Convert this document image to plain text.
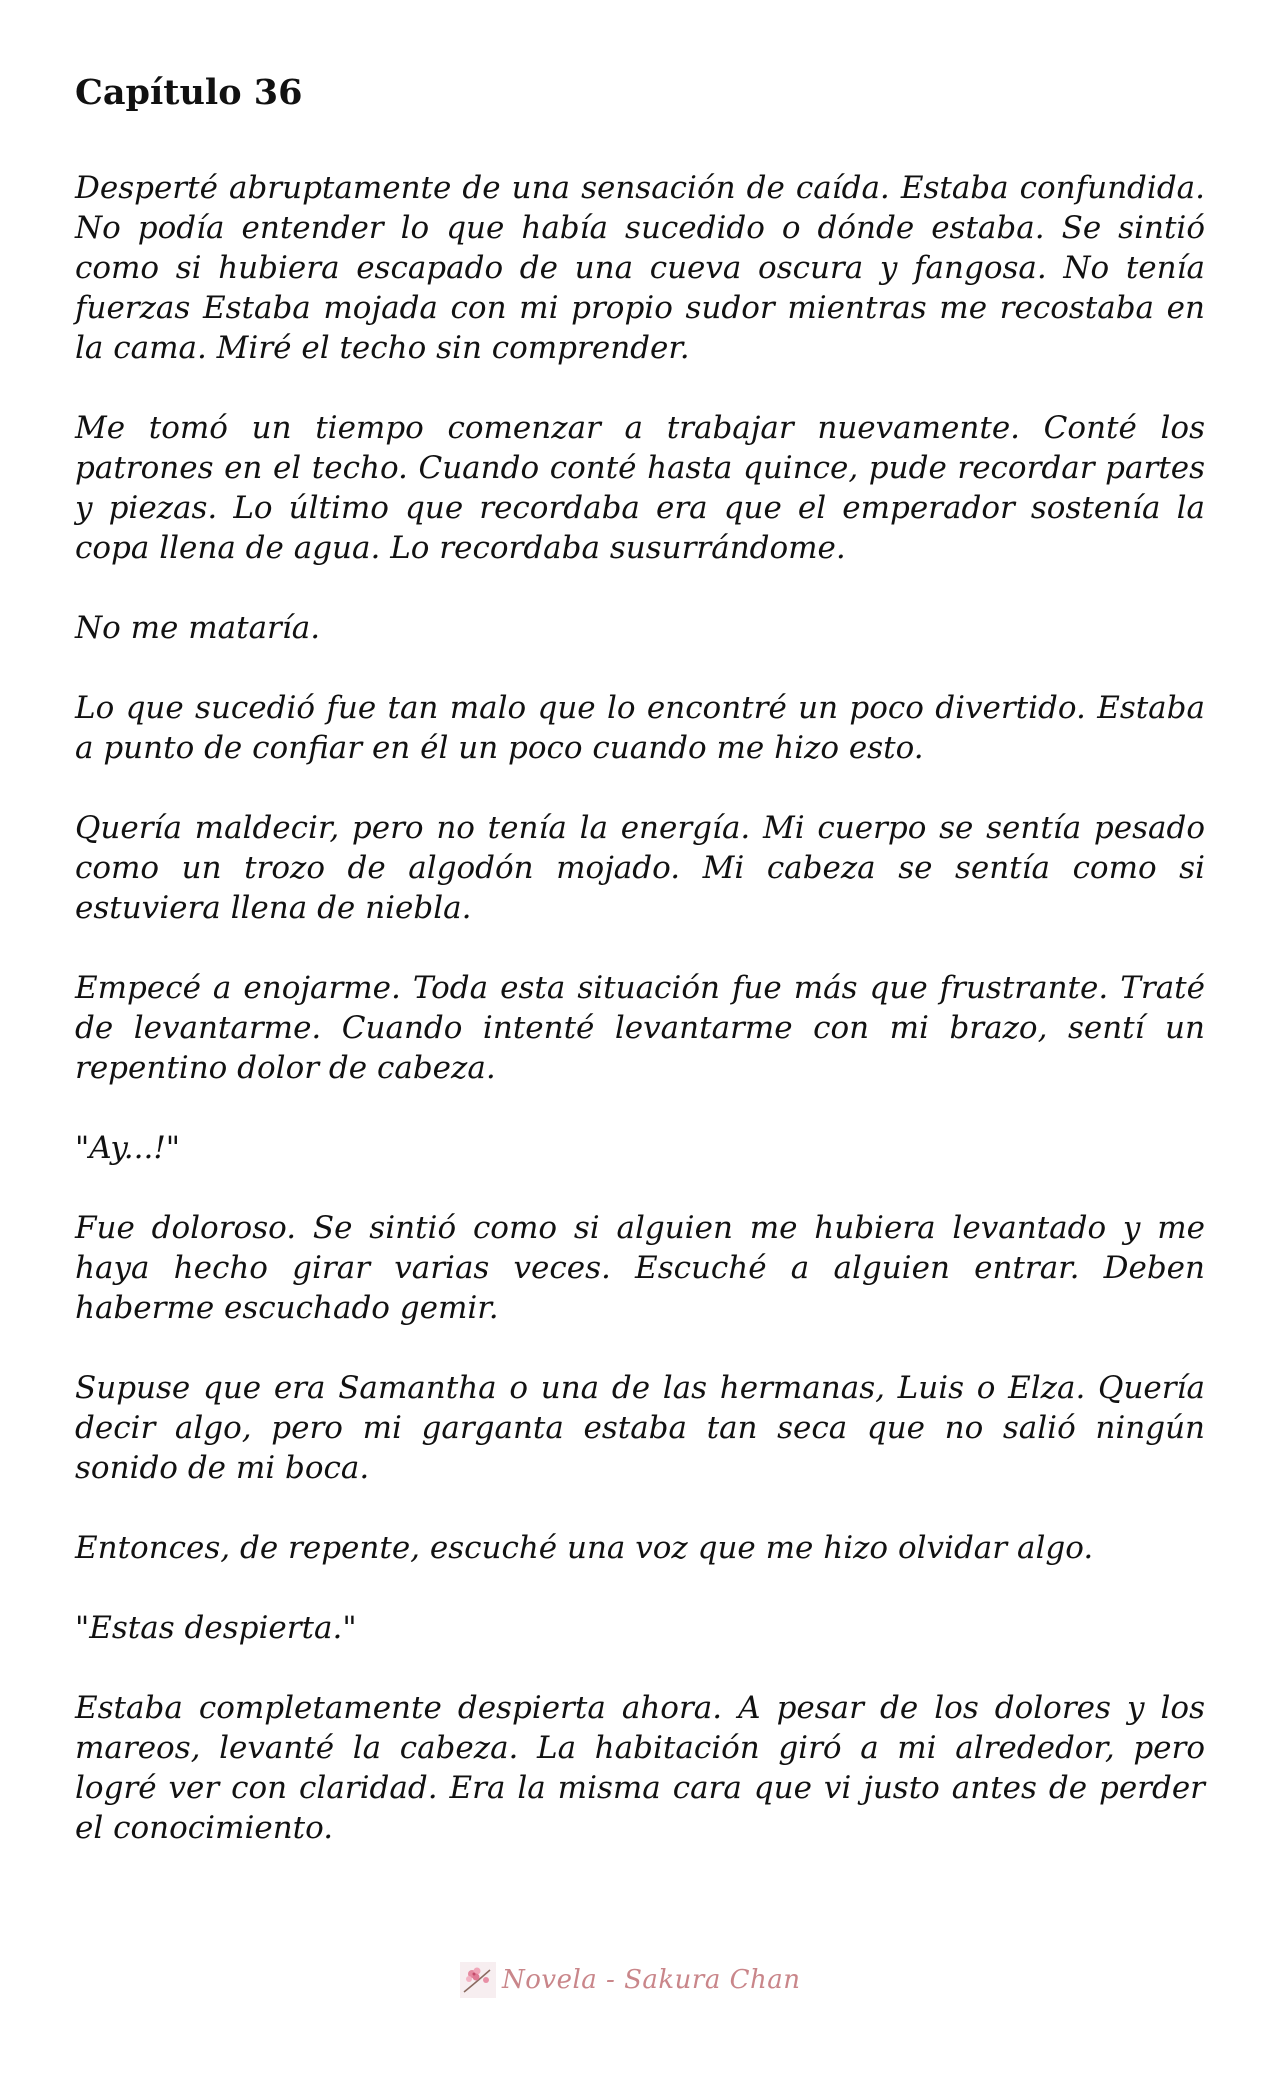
Capítulo 36

Desperté abruptamente de una sensación de caída. Estaba confundida. No podía entender lo que había sucedido o dónde estaba. Se sintió como si hubiera escapado de una cueva oscura y fangosa. No tenía fuerzas Estaba mojada con mi propio sudor mientras me recostaba en la cama. Miré el techo sin comprender.

Me tomó un tiempo comenzar a trabajar nuevamente. Conté los patrones en el techo. Cuando conté hasta quince, pude recordar partes y piezas. Lo último que recordaba era que el emperador sostenía la copa llena de agua. Lo recordaba susurrándome.

No me mataría.

Lo que sucedió fue tan malo que lo encontré un poco divertido. Estaba a punto de confiar en él un poco cuando me hizo esto.

Quería maldecir, pero no tenía la energía. Mi cuerpo se sentía pesado como un trozo de algodón mojado. Mi cabeza se sentía como si estuviera llena de niebla.

Empecé a enojarme. Toda esta situación fue más que frustrante. Traté de levantarme. Cuando intenté levantarme con mi brazo, sentí un repentino dolor de cabeza.

"Ay...!"

Fue doloroso. Se sintió como si alguien me hubiera levantado y me haya hecho girar varias veces. Escuché a alguien entrar. Deben haberme escuchado gemir.

Supuse que era Samantha o una de las hermanas, Luis o Elza. Quería decir algo, pero mi garganta estaba tan seca que no salió ningún sonido de mi boca.

Entonces, de repente, escuché una voz que me hizo olvidar algo.

"Estas despierta."

Estaba completamente despierta ahora. A pesar de los dolores y los mareos, levanté la cabeza. La habitación giró a mi alrededor, pero logré ver con claridad. Era la misma cara que vi justo antes de perder el conocimiento.

Novela - Sakura Chan
